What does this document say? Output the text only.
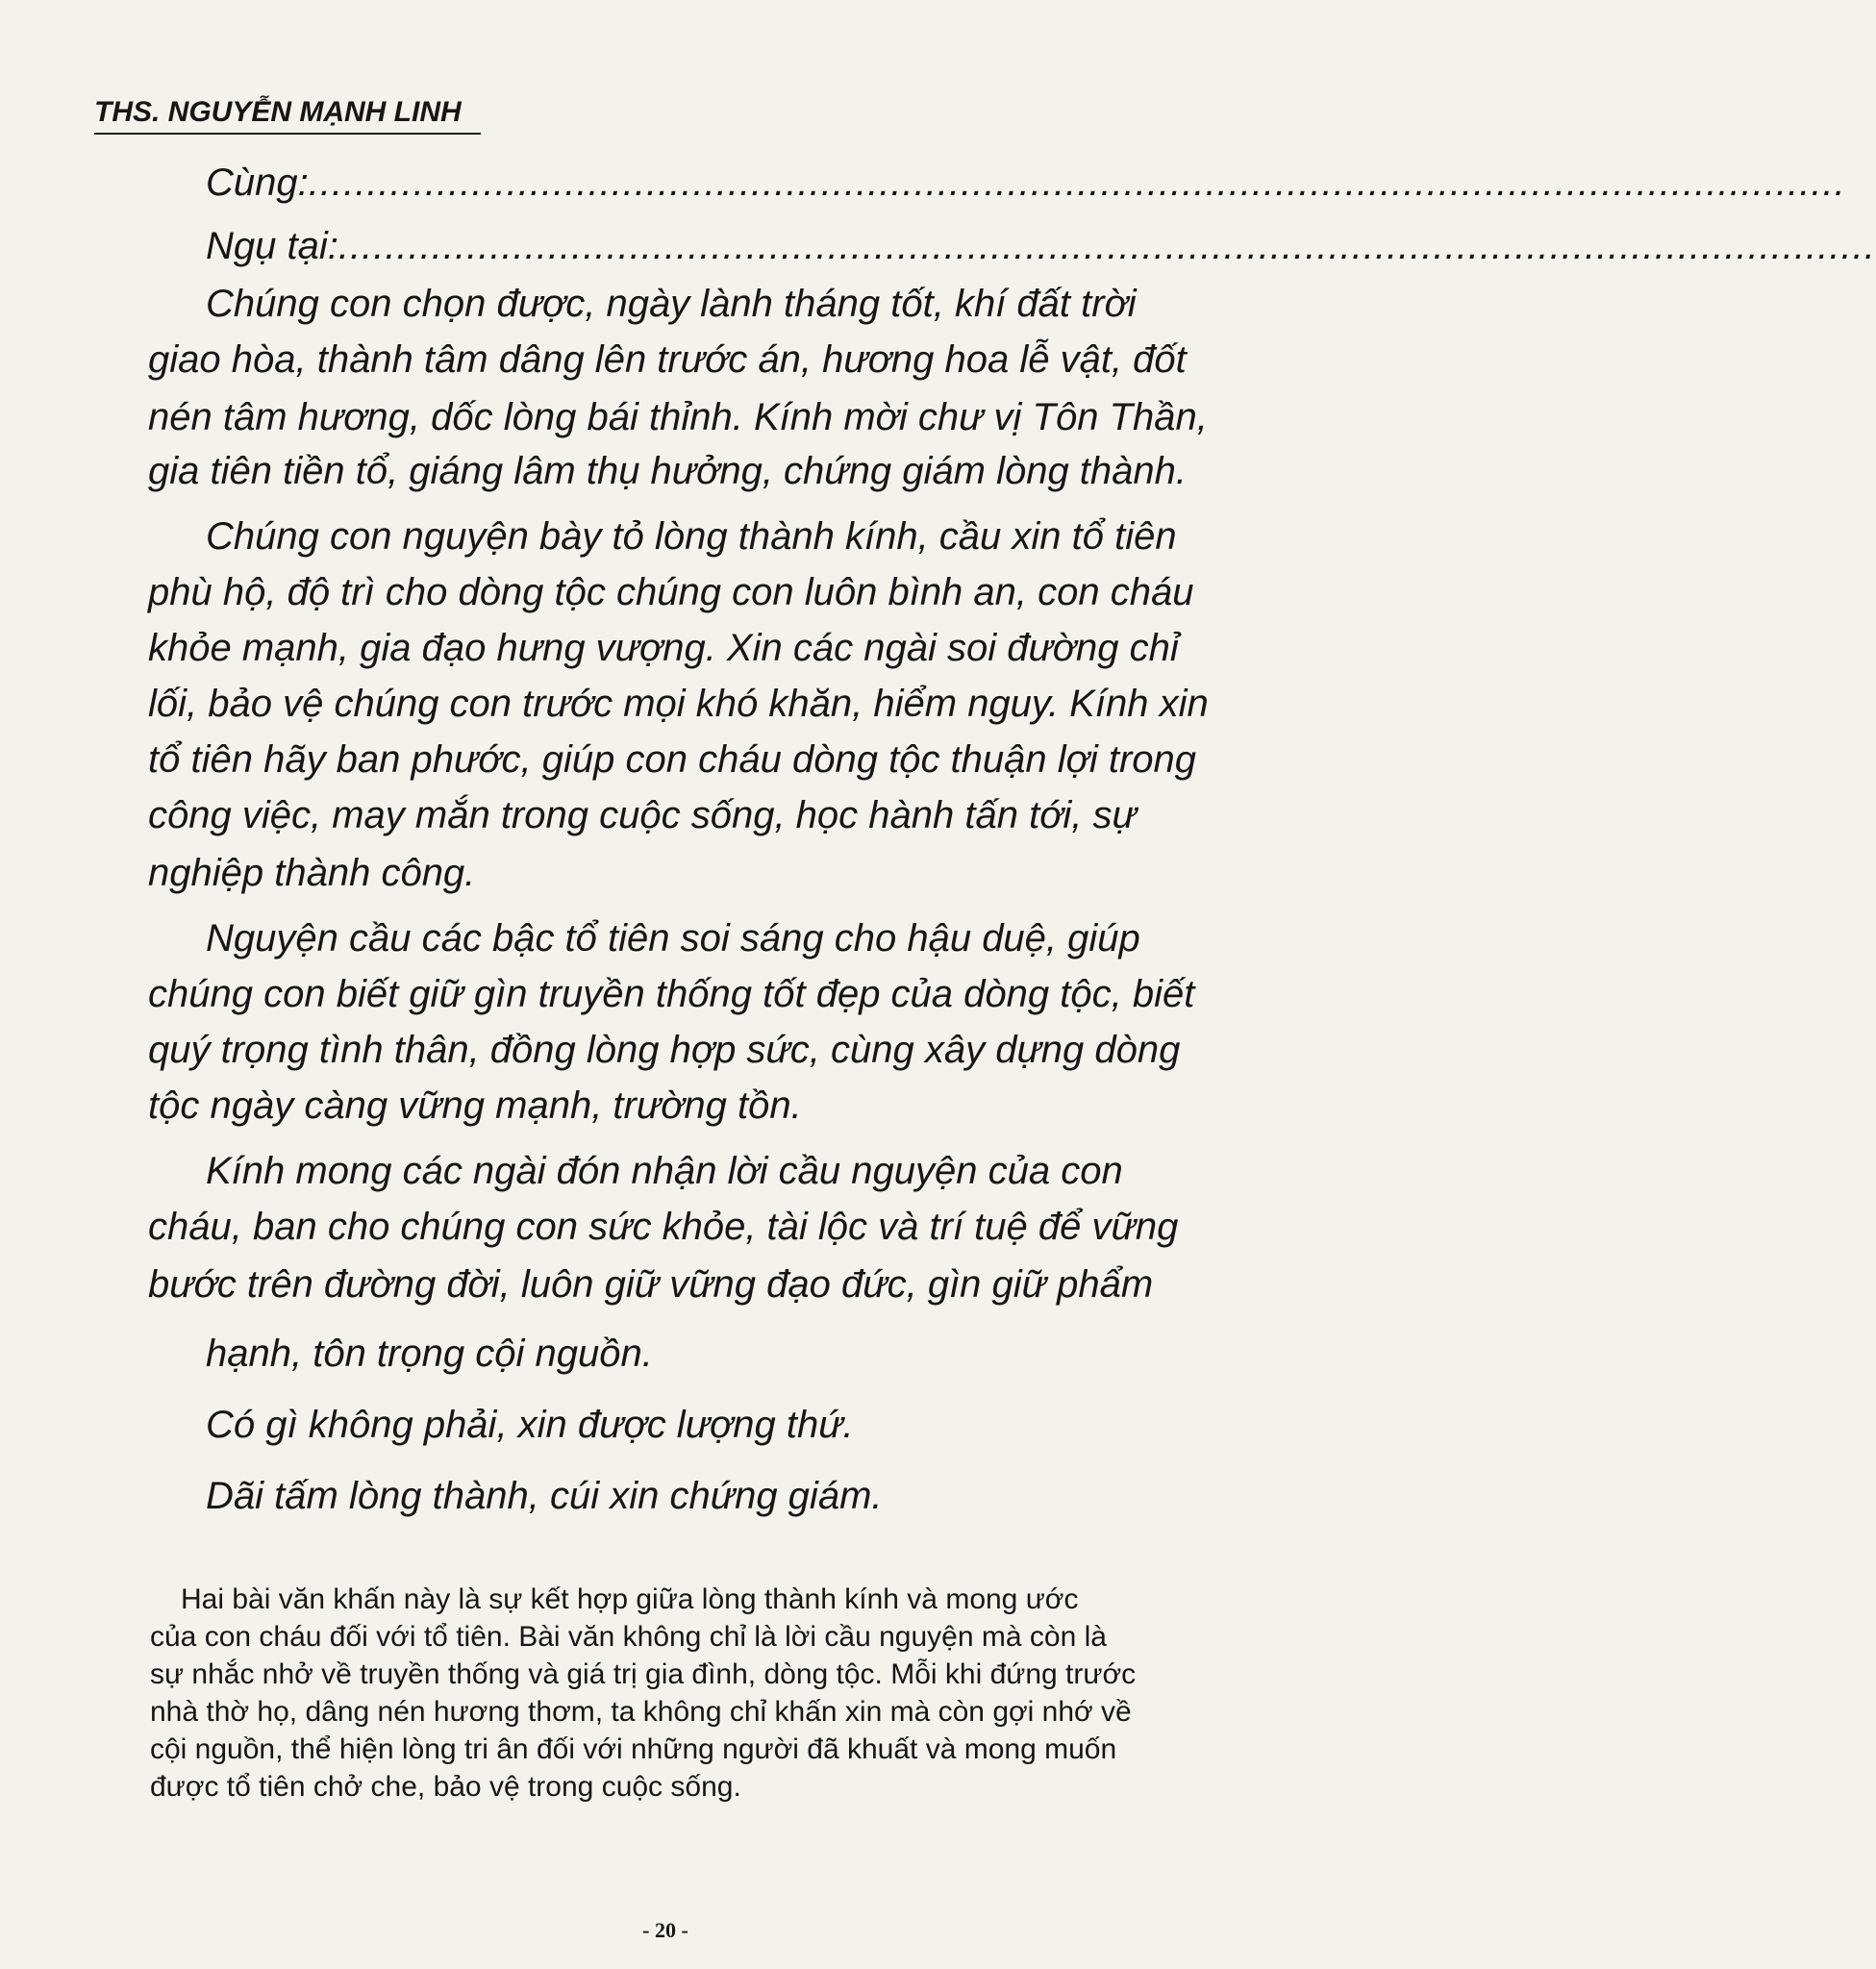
THS. NGUYỄN MẠNH LINH
Cùng: ....................................................................................................................................
Ngụ tại: ....................................................................................................................................
Chúng con chọn được, ngày lành tháng tốt, khí đất trời
giao hòa, thành tâm dâng lên trước án, hương hoa lễ vật, đốt
nén tâm hương, dốc lòng bái thỉnh. Kính mời chư vị Tôn Thần,
gia tiên tiền tổ, giáng lâm thụ hưởng, chứng giám lòng thành.
Chúng con nguyện bày tỏ lòng thành kính, cầu xin tổ tiên
phù hộ, độ trì cho dòng tộc chúng con luôn bình an, con cháu
khỏe mạnh, gia đạo hưng vượng. Xin các ngài soi đường chỉ
lối, bảo vệ chúng con trước mọi khó khăn, hiểm nguy. Kính xin
tổ tiên hãy ban phước, giúp con cháu dòng tộc thuận lợi trong
công việc, may mắn trong cuộc sống, học hành tấn tới, sự
nghiệp thành công.
Nguyện cầu các bậc tổ tiên soi sáng cho hậu duệ, giúp
chúng con biết giữ gìn truyền thống tốt đẹp của dòng tộc, biết
quý trọng tình thân, đồng lòng hợp sức, cùng xây dựng dòng
tộc ngày càng vững mạnh, trường tồn.
Kính mong các ngài đón nhận lời cầu nguyện của con
cháu, ban cho chúng con sức khỏe, tài lộc và trí tuệ để vững
bước trên đường đời, luôn giữ vững đạo đức, gìn giữ phẩm
hạnh, tôn trọng cội nguồn.
Có gì không phải, xin được lượng thứ.
Dãi tấm lòng thành, cúi xin chứng giám.
Hai bài văn khấn này là sự kết hợp giữa lòng thành kính và mong ước
của con cháu đối với tổ tiên. Bài văn không chỉ là lời cầu nguyện mà còn là
sự nhắc nhở về truyền thống và giá trị gia đình, dòng tộc. Mỗi khi đứng trước
nhà thờ họ, dâng nén hương thơm, ta không chỉ khấn xin mà còn gợi nhớ về
cội nguồn, thể hiện lòng tri ân đối với những người đã khuất và mong muốn
được tổ tiên chở che, bảo vệ trong cuộc sống.
- 20 -
